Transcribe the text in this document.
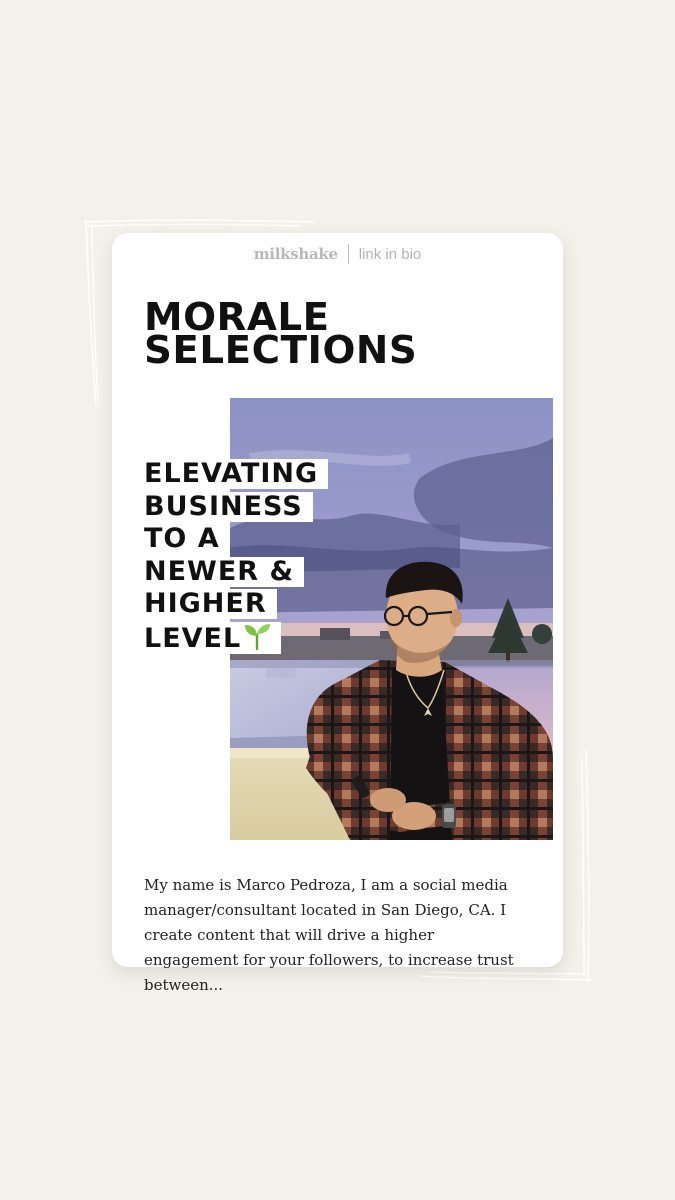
milkshake link in bio
MORALE
SELECTIONS
ELEVATING
BUSINESS
TO A
NEWER &
HIGHER
LEVEL

My name is Marco Pedroza, I am a social media manager/consultant located in San Diego, CA. I create content that will drive a higher engagement for your followers, to increase trust between...
